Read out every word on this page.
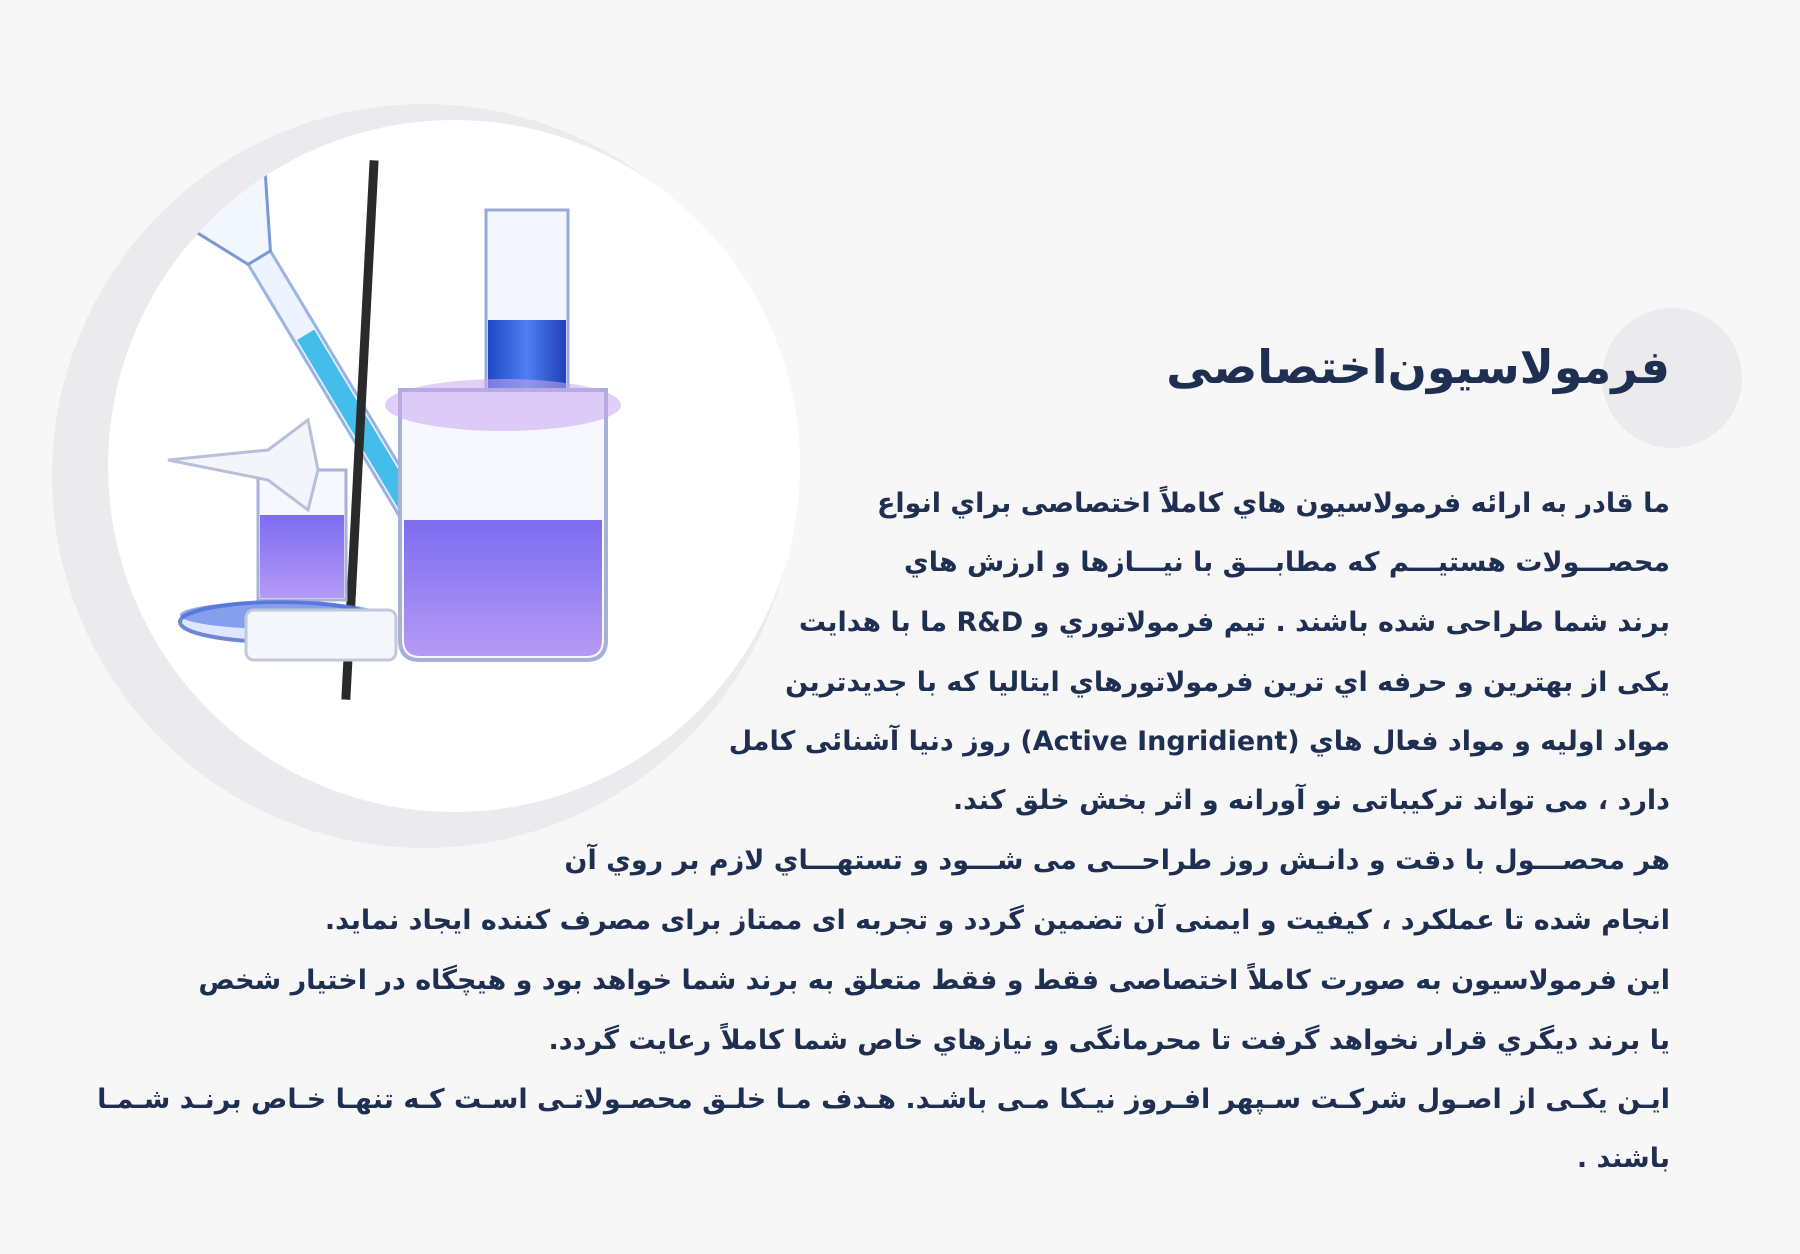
فرمولاسیون‌اختصاصی
ما قادر به ارائه فرمولاسیون هاي کاملاً اختصاصی براي انواع
محصـــولات هستیـــم که مطابـــق با نیـــازها و ارزش هاي
برند شما طراحی شده باشند . تیم فرمولاتوري و R&D ما با هدایت
یکی از بهترین و حرفه اي ترین فرمولاتورهاي ایتالیا که با جدیدترین
مواد اولیه و مواد فعال هاي (Active Ingridient) روز دنیا آشنائی کامل
دارد ، می تواند ترکیباتی نو آورانه و اثر بخش خلق کند.
هر محصـــول با دقت و دانـش روز طراحـــی می شـــود و تستهـــاي لازم بر روي آن
انجام شده تا عملکرد ، کیفیت و ایمنی آن تضمین گردد و تجربه ای ممتاز برای مصرف کننده ایجاد نماید.
این فرمولاسیون به صورت کاملاً اختصاصی فقط و فقط متعلق به برند شما خواهد بود و هیچگاه در اختیار شخص
یا برند دیگري قرار نخواهد گرفت تا محرمانگی و نیازهاي خاص شما کاملاً رعایت گردد.
ایـن یکـی از اصـول شرکـت سـپهر افـروز نیـکا مـی باشـد. هـدف مـا خلـق محصـولاتـی اسـت کـه تنهـا خـاص برنـد شـمـا
باشند .
